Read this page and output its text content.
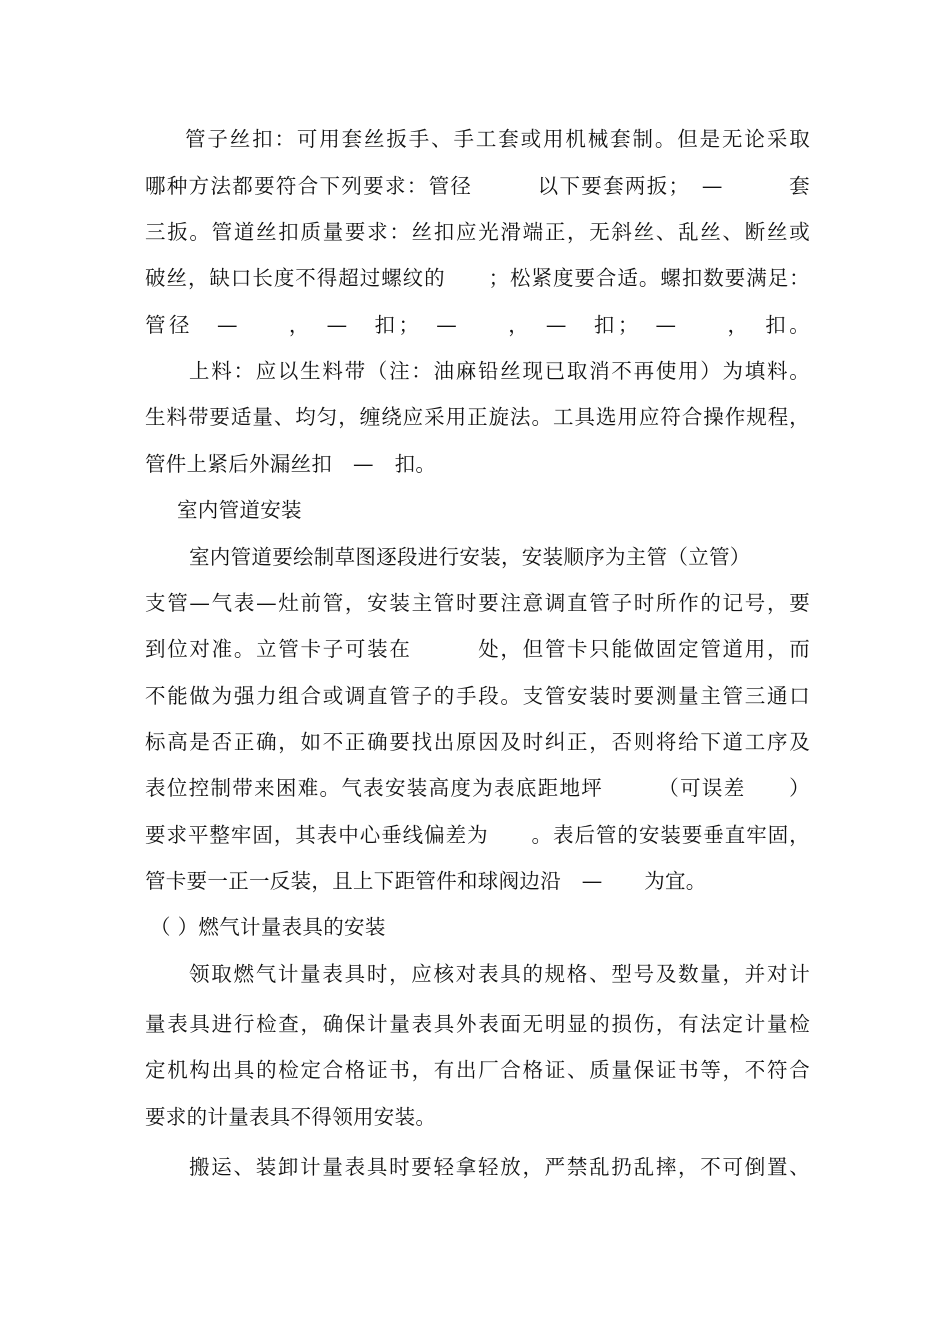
管子丝扣：可用套丝扳手、手工套或用机械套制。但是无论采取
哪种方法都要符合下列要求：管径　　　以下要套两扳；　—　　　套
三扳。管道丝扣质量要求：丝扣应光滑端正，无斜丝、乱丝、断丝或
破丝，缺口长度不得超过螺纹的　　；松紧度要合适。螺扣数要满足：
管径　—　　，　—　扣；　—　　，　—　扣；　—　　，　扣。
上料：应以生料带（注：油麻铅丝现已取消不再使用）为填料。
生料带要适量、均匀，缠绕应采用正旋法。工具选用应符合操作规程，
管件上紧后外漏丝扣　—　扣。
室内管道安装
室内管道要绘制草图逐段进行安装，安装顺序为主管（立管）
支管—气表—灶前管，安装主管时要注意调直管子时所作的记号，要
到位对准。立管卡子可装在　　　处，但管卡只能做固定管道用，而
不能做为强力组合或调直管子的手段。支管安装时要测量主管三通口
标高是否正确，如不正确要找出原因及时纠正，否则将给下道工序及
表位控制带来困难。气表安装高度为表底距地坪　　　（可误差　　）
要求平整牢固，其表中心垂线偏差为　　。表后管的安装要垂直牢固，
管卡要一正一反装，且上下距管件和球阀边沿　—　　为宜。
（ ）燃气计量表具的安装
领取燃气计量表具时，应核对表具的规格、型号及数量，并对计
量表具进行检查，确保计量表具外表面无明显的损伤，有法定计量检
定机构出具的检定合格证书，有出厂合格证、质量保证书等，不符合
要求的计量表具不得领用安装。
搬运、装卸计量表具时要轻拿轻放，严禁乱扔乱摔，不可倒置、
